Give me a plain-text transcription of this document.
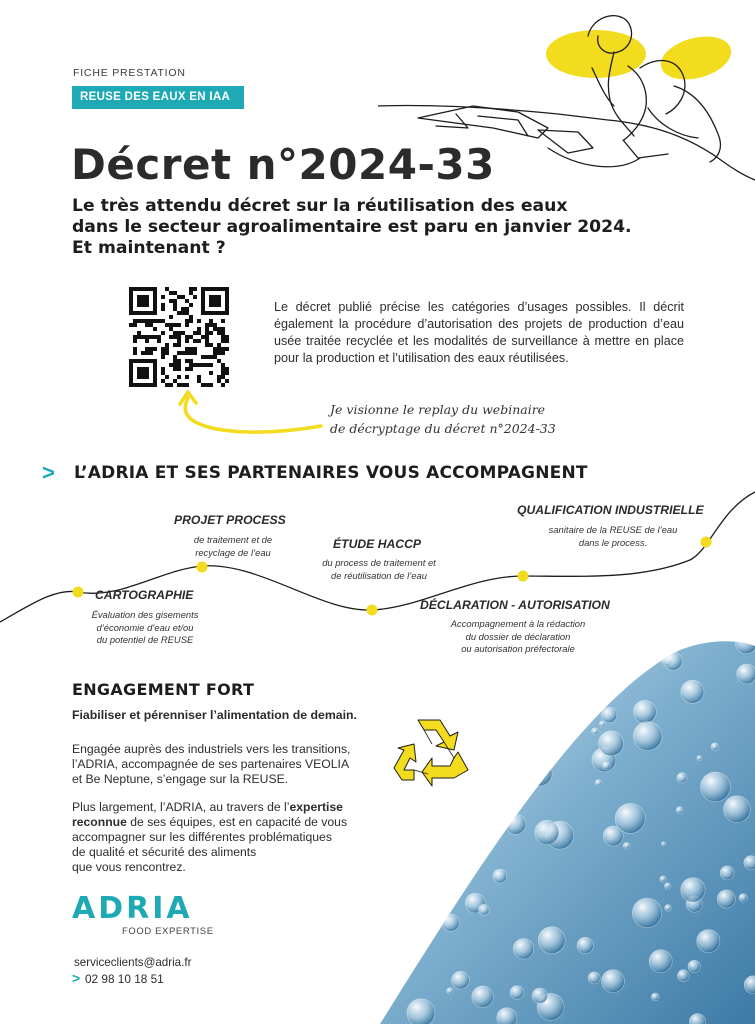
FICHE PRESTATION
REUSE DES EAUX EN IAA
Décret n°2024-33
Le très attendu décret sur la réutilisation des eaux
dans le secteur agroalimentaire est paru en janvier 2024.
Et maintenant ?
Le décret publié précise les catégories d’usages possibles. Il décrit également la procédure d’autorisation des projets de production d’eau usée traitée recyclée et les modalités de surveillance à mettre en place pour la production et l’utilisation des eaux réutilisées.
Je visionne le replay du webinaire
de décryptage du décret n°2024-33
> L’ADRIA ET SES PARTENAIRES VOUS ACCOMPAGNENT
CARTOGRAPHIE
Évaluation des gisements
d’économie d’eau et/ou
du potentiel de REUSE
PROJET PROCESS
de traitement et de
recyclage de l’eau
ÉTUDE HACCP
du process de traitement et
de réutilisation de l’eau
DÉCLARATION - AUTORISATION
Accompagnement à la rédaction
du dossier de déclaration
ou autorisation préfectorale
QUALIFICATION INDUSTRIELLE
sanitaire de la REUSE de l’eau
dans le process.
ENGAGEMENT FORT
Fiabiliser et pérenniser l’alimentation de demain.
Engagée auprès des industriels vers les transitions,
l’ADRIA, accompagnée de ses partenaires VEOLIA
et Be Neptune, s’engage sur la REUSE.
Plus largement, l’ADRIA, au travers de l’expertise
reconnue de ses équipes, est en capacité de vous
accompagner sur les différentes problématiques
de qualité et sécurité des aliments
que vous rencontrez.
ADRIA
FOOD EXPERTISE
serviceclients@adria.fr
> 02 98 10 18 51
